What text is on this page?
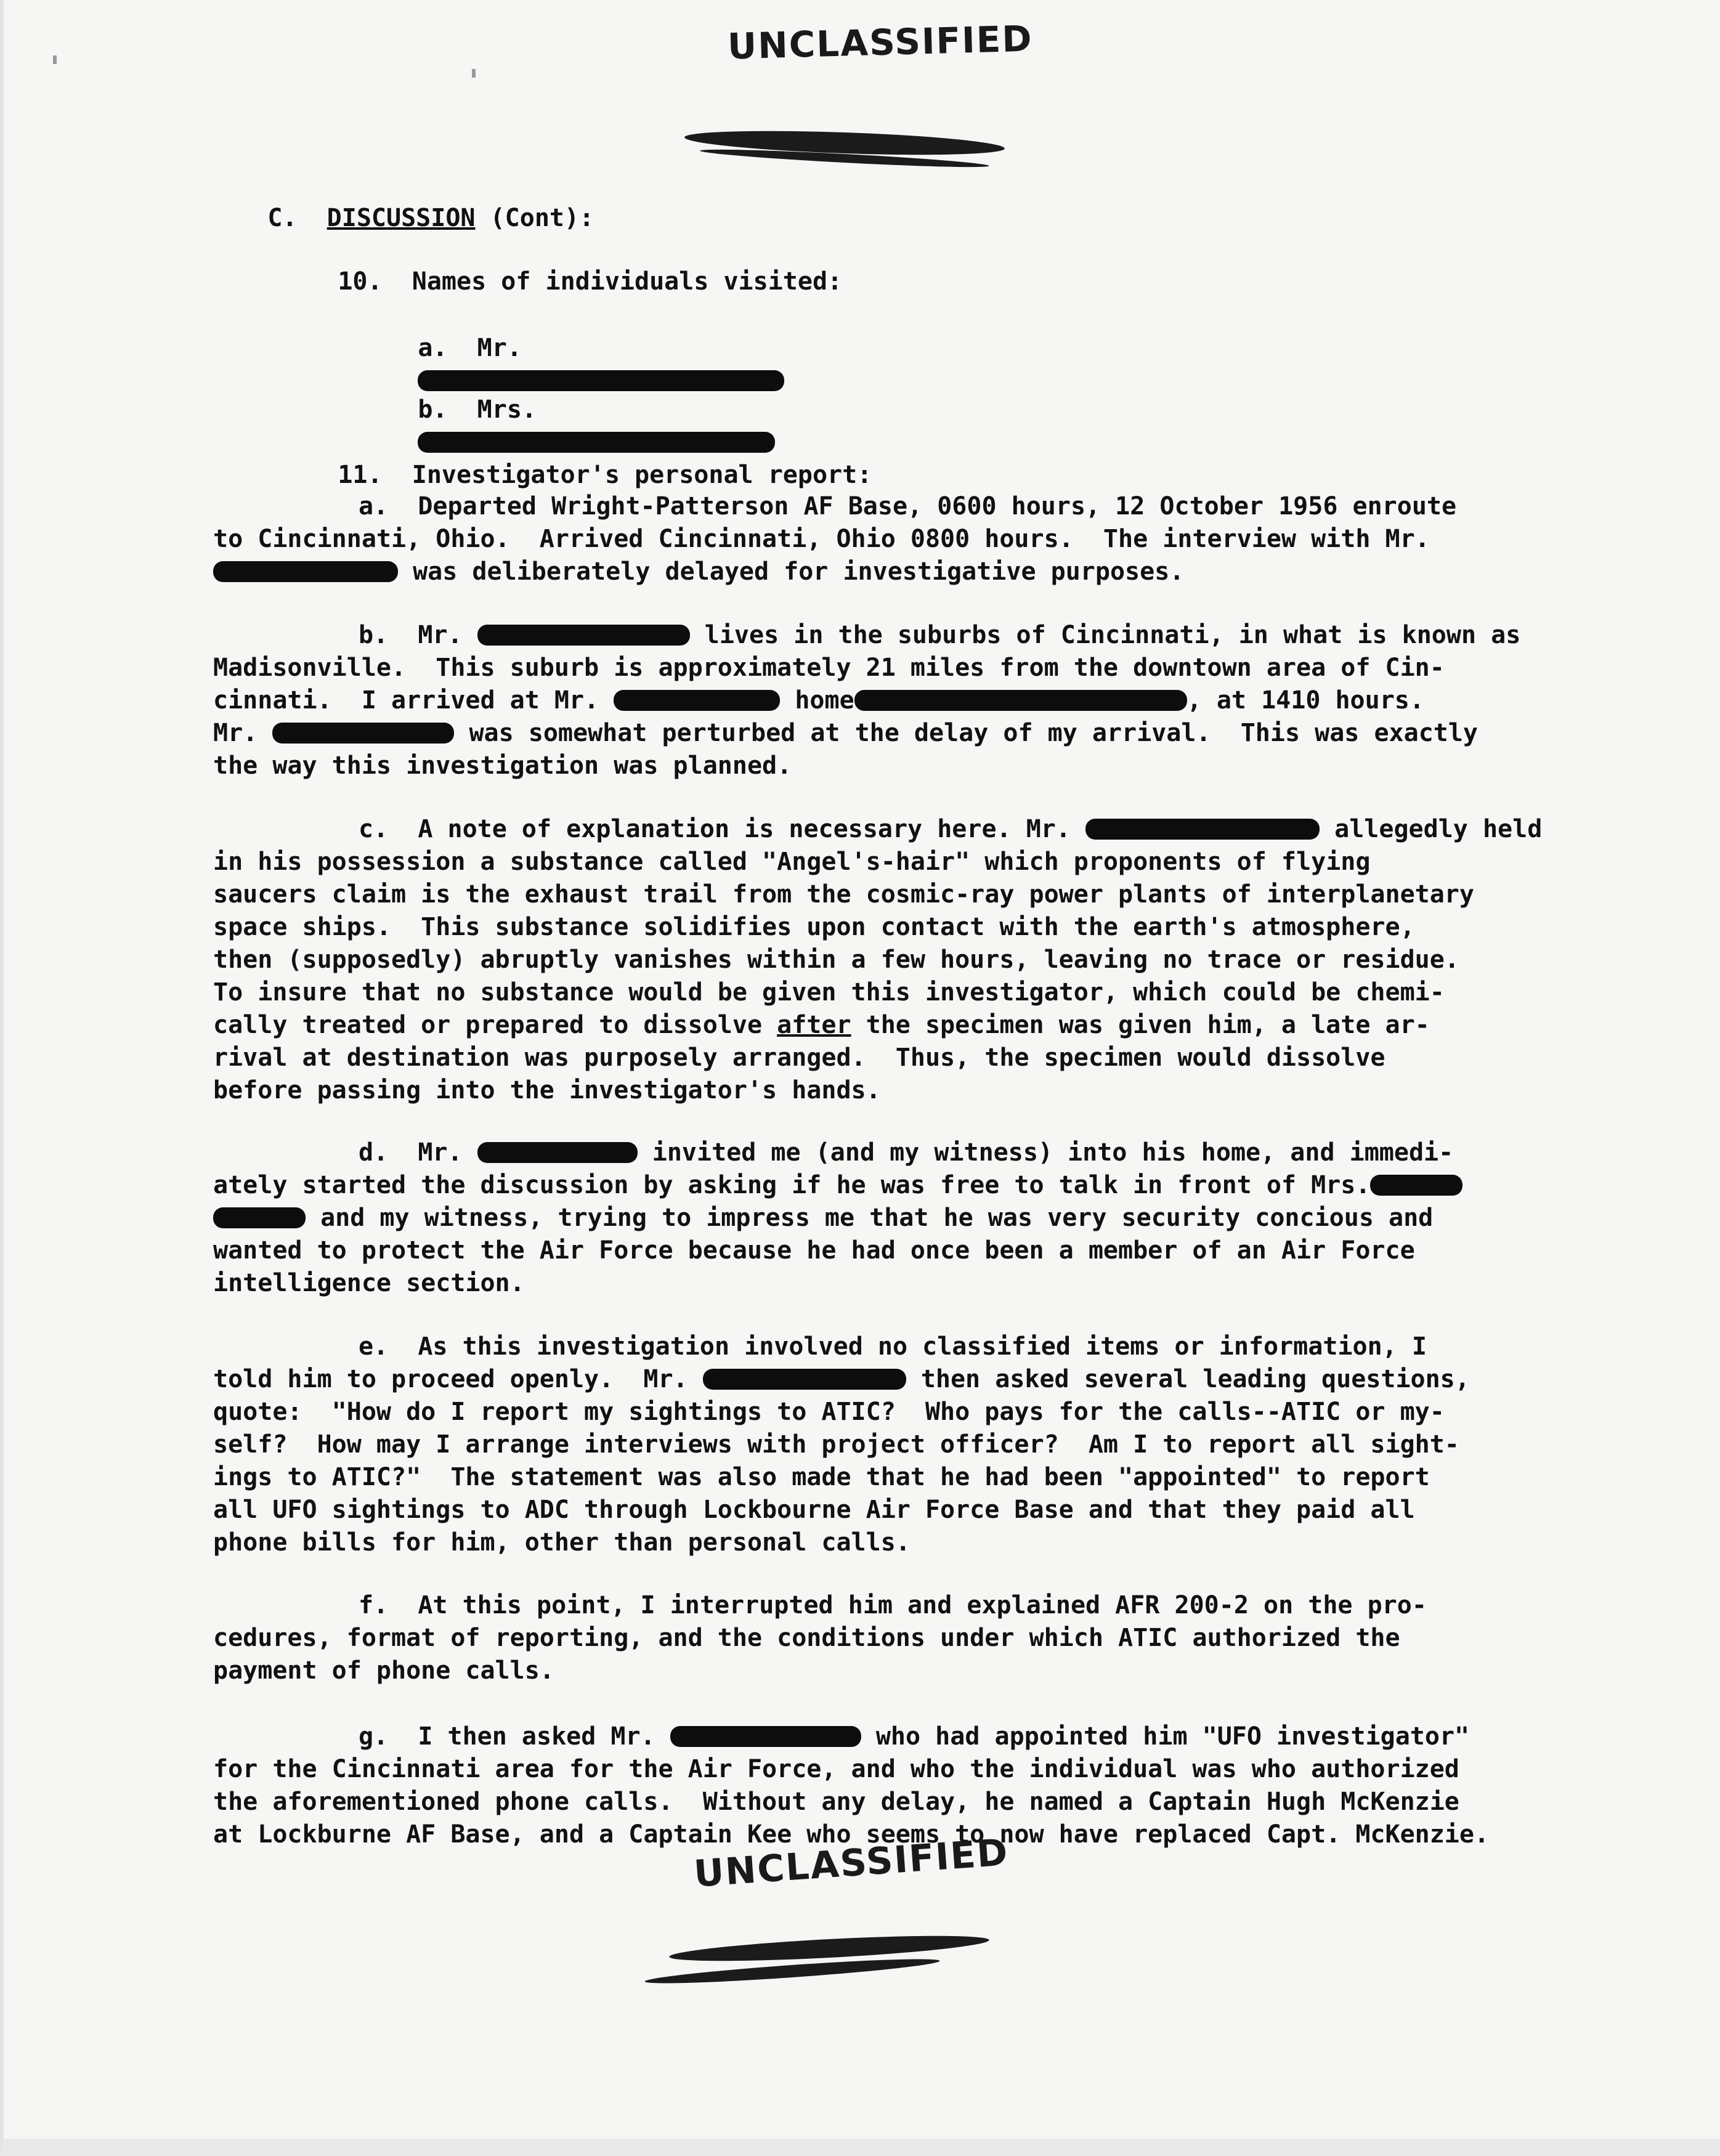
UNCLASSIFIED

C. DISCUSSION (Cont):

10. Names of individuals visited:

a. Mr.

b. Mrs.

11. Investigator's personal report:

a.  Departed Wright-Patterson AF Base, 0600 hours, 12 October 1956 enroute
to Cincinnati, Ohio.  Arrived Cincinnati, Ohio 0800 hours.  The interview with Mr.
was deliberately delayed for investigative purposes.
b.  Mr.	lives in the suburbs of Cincinnati, in what is known as
Madisonville.  This suburb is approximately 21 miles from the downtown area of Cin-
cinnati.  I arrived at Mr.	home	, at 1410 hours.
Mr.	was somewhat perturbed at the delay of my arrival.  This was exactly
the way this investigation was planned.
c.  A note of explanation is necessary here. Mr.	allegedly held
in his possession a substance called "Angel's-hair" which proponents of flying
saucers claim is the exhaust trail from the cosmic-ray power plants of interplanetary
space ships.  This substance solidifies upon contact with the earth's atmosphere,
then (supposedly) abruptly vanishes within a few hours, leaving no trace or residue.
To insure that no substance would be given this investigator, which could be chemi-
cally treated or prepared to dissolve after the specimen was given him, a late ar-
rival at destination was purposely arranged.  Thus, the specimen would dissolve
before passing into the investigator's hands.
d.  Mr.	invited me (and my witness) into his home, and immedi-
ately started the discussion by asking if he was free to talk in front of Mrs.
and my witness, trying to impress me that he was very security concious and
wanted to protect the Air Force because he had once been a member of an Air Force
intelligence section.
e.  As this investigation involved no classified items or information, I
told him to proceed openly.  Mr.	then asked several leading questions,
quote:  "How do I report my sightings to ATIC?  Who pays for the calls--ATIC or my-
self?  How may I arrange interviews with project officer?  Am I to report all sight-
ings to ATIC?"  The statement was also made that he had been "appointed" to report
all UFO sightings to ADC through Lockbourne Air Force Base and that they paid all
phone bills for him, other than personal calls.
f.  At this point, I interrupted him and explained AFR 200-2 on the pro-
cedures, format of reporting, and the conditions under which ATIC authorized the
payment of phone calls.
g.  I then asked Mr.	who had appointed him "UFO investigator"
for the Cincinnati area for the Air Force, and who the individual was who authorized
the aforementioned phone calls.  Without any delay, he named a Captain Hugh McKenzie
at Lockburne AF Base, and a Captain Kee who seems to now have replaced Capt. McKenzie.
UNCLASSIFIED
